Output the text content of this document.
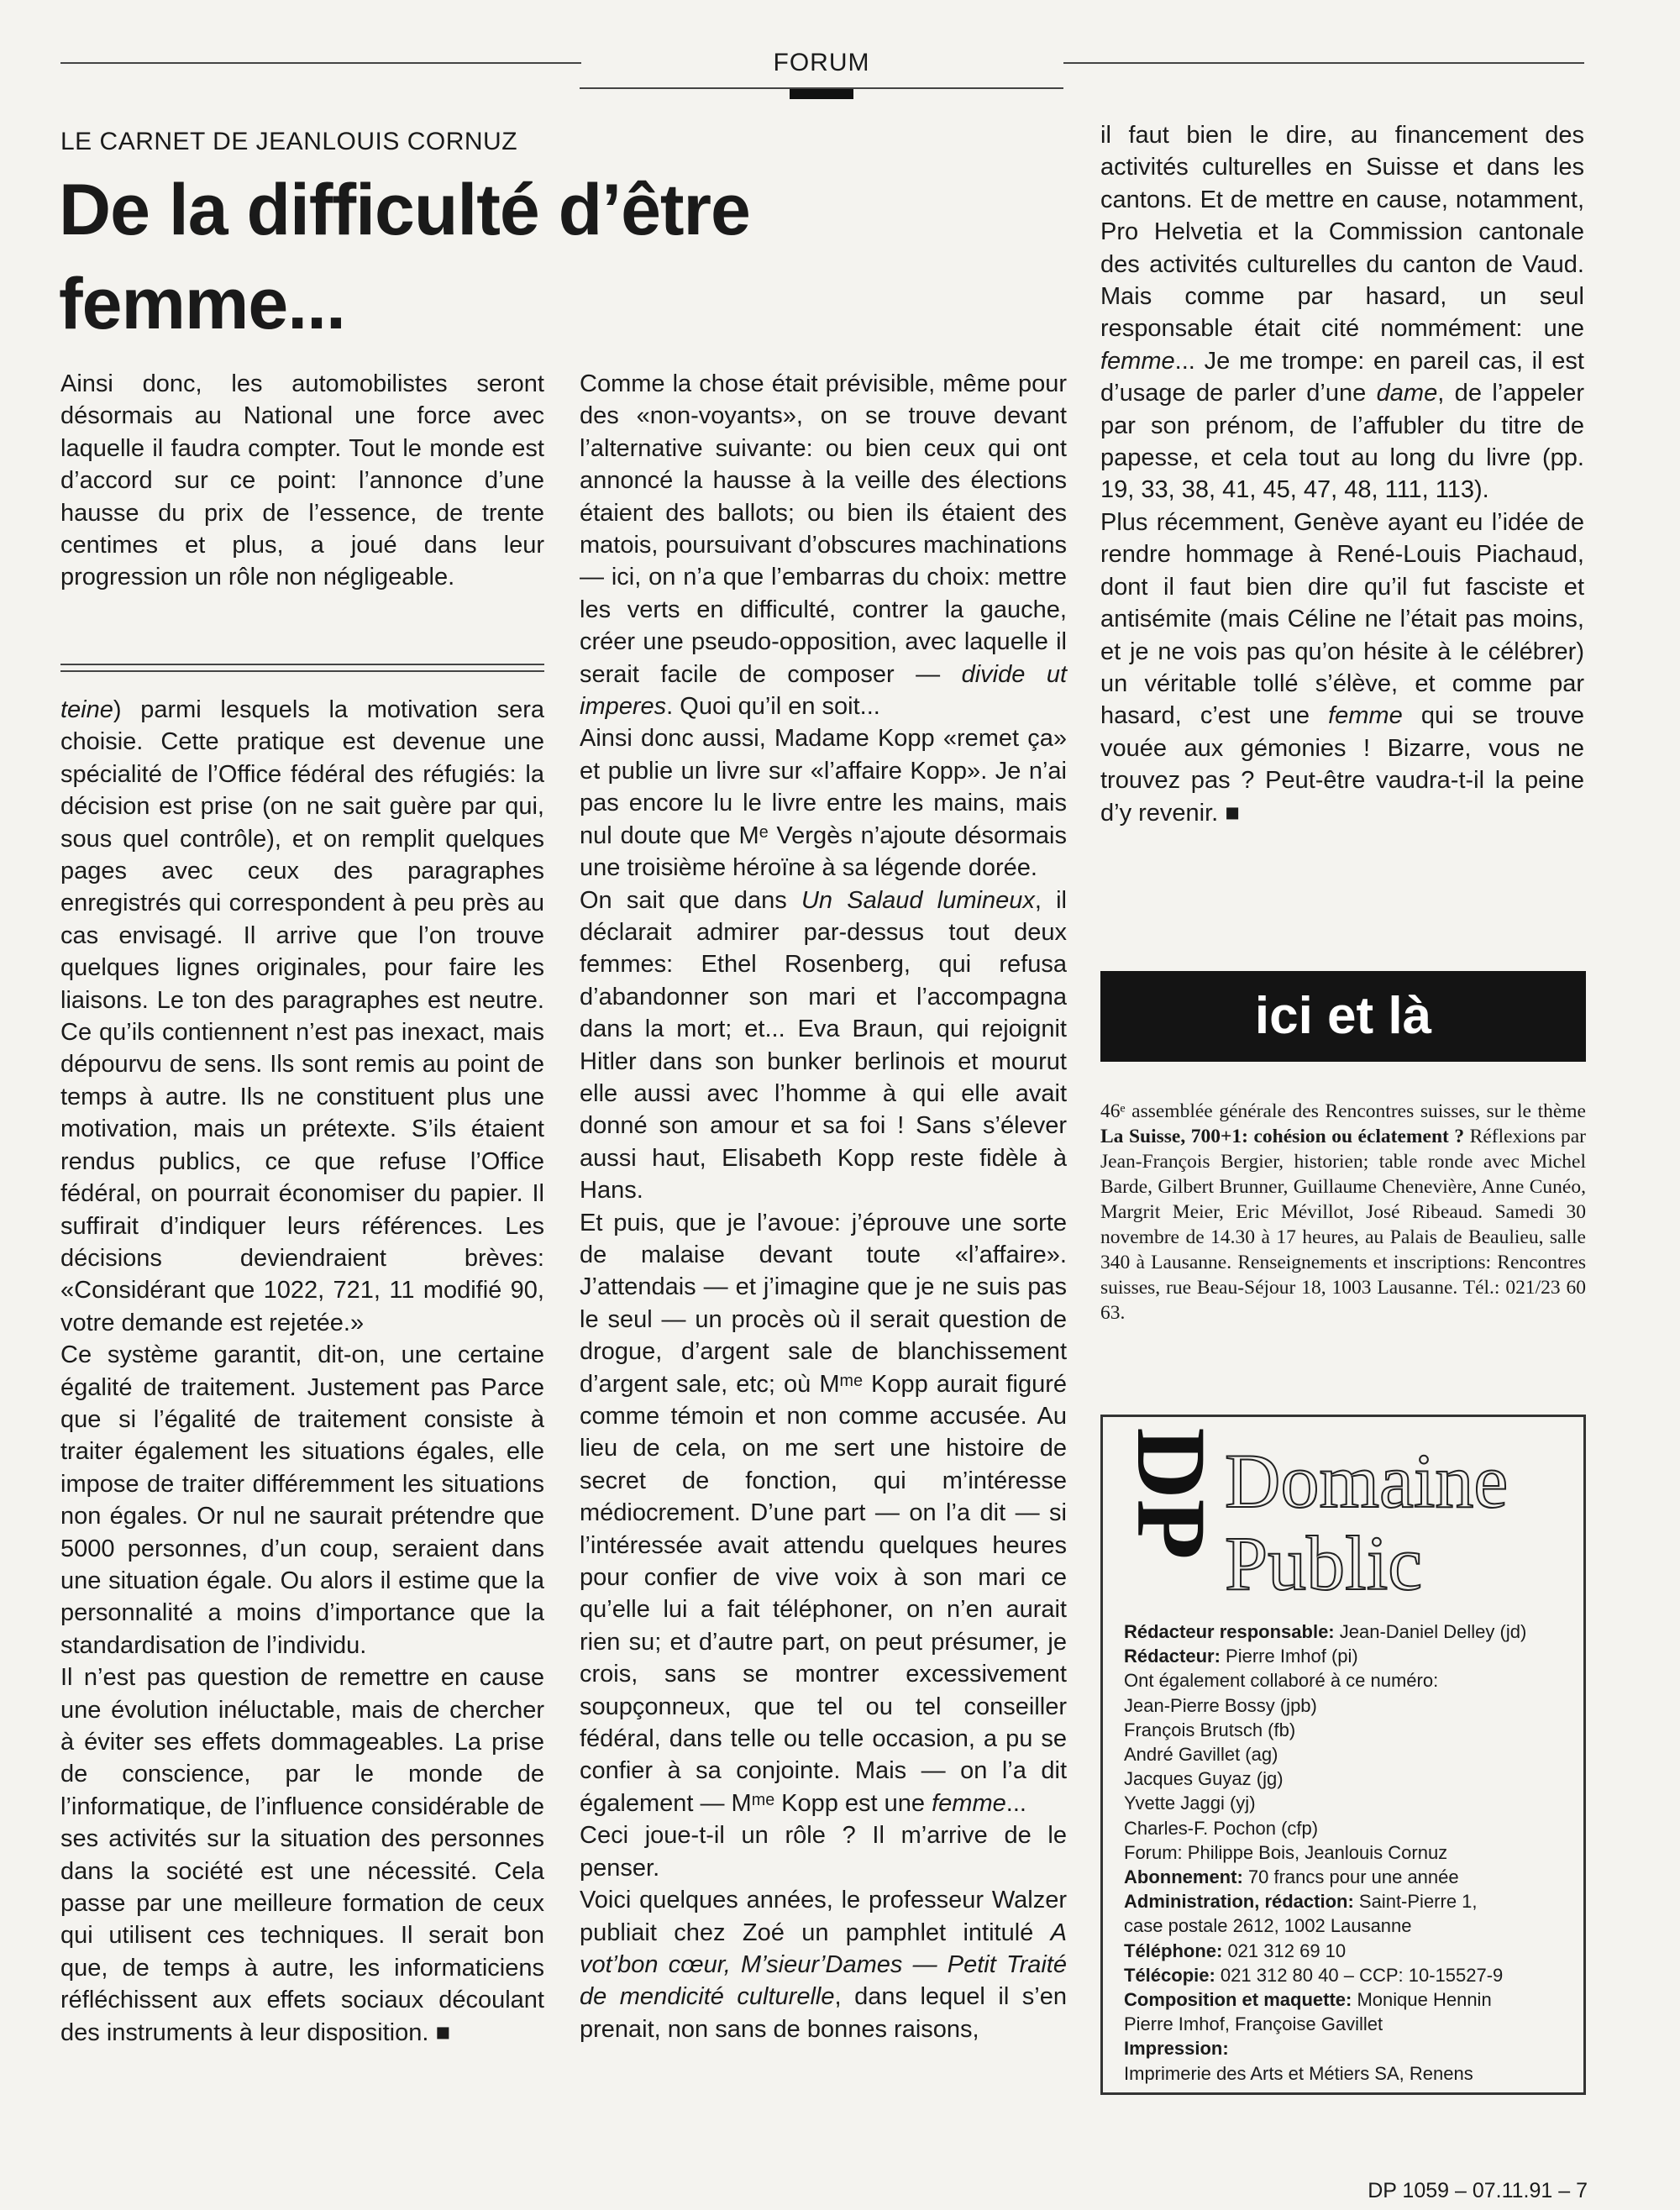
FORUM
LE CARNET DE JEANLOUIS CORNUZ
De la difficulté d’être femme...

Ainsi donc, les automobilistes seront désormais au National une force avec laquelle il faudra compter. Tout le monde est d’accord sur ce point: l’annonce d’une hausse du prix de l’essence, de trente centimes et plus, a joué dans leur progression un rôle non négligeable.

teine) parmi lesquels la motivation sera choisie. Cette pratique est devenue une spécialité de l’Office fédéral des réfugiés: la décision est prise (on ne sait guère par qui, sous quel contrôle), et on remplit quelques pages avec ceux des paragraphes enregistrés qui correspondent à peu près au cas envisagé. Il arrive que l’on trouve quelques lignes originales, pour faire les liaisons. Le ton des paragraphes est neutre. Ce qu’ils contiennent n’est pas inexact, mais dépourvu de sens. Ils sont remis au point de temps à autre. Ils ne constituent plus une motivation, mais un prétexte. S’ils étaient rendus publics, ce que refuse l’Office fédéral, on pourrait économiser du papier. Il suffirait d’indiquer leurs références. Les décisions deviendraient brèves: «Considérant que 1022, 721, 11 modifié 90, votre demande est rejetée.»

Ce système garantit, dit-on, une certaine égalité de traitement. Justement pas Parce que si l’égalité de traitement consiste à traiter également les situations égales, elle impose de traiter différemment les situations non égales. Or nul ne saurait prétendre que 5000 personnes, d’un coup, seraient dans une situation égale. Ou alors il estime que la personnalité a moins d’importance que la standardisation de l’individu.

Il n’est pas question de remettre en cause une évolution inéluctable, mais de chercher à éviter ses effets dommageables. La prise de conscience, par le monde de l’informatique, de l’influence considérable de ses activités sur la situation des personnes dans la société est une nécessité. Cela passe par une meilleure formation de ceux qui utilisent ces techniques. Il serait bon que, de temps à autre, les informaticiens réfléchissent aux effets sociaux découlant des instruments à leur disposition. ■

Comme la chose était prévisible, même pour des «non-voyants», on se trouve devant l’alternative suivante: ou bien ceux qui ont annoncé la hausse à la veille des élections étaient des ballots; ou bien ils étaient des matois, poursuivant d’obscures machinations — ici, on n’a que l’embarras du choix: mettre les verts en difficulté, contrer la gauche, créer une pseudo-opposition, avec laquelle il serait facile de composer — divide ut imperes. Quoi qu’il en soit...

Ainsi donc aussi, Madame Kopp «remet ça» et publie un livre sur «l’affaire Kopp». Je n’ai pas encore lu le livre entre les mains, mais nul doute que Mᵉ Vergès n’ajoute désormais une troisième héroïne à sa légende dorée.

On sait que dans Un Salaud lumineux, il déclarait admirer par-dessus tout deux femmes: Ethel Rosenberg, qui refusa d’abandonner son mari et l’accompagna dans la mort; et... Eva Braun, qui rejoignit Hitler dans son bunker berlinois et mourut elle aussi avec l’homme à qui elle avait donné son amour et sa foi ! Sans s’élever aussi haut, Elisabeth Kopp reste fidèle à Hans.

Et puis, que je l’avoue: j’éprouve une sorte de malaise devant toute «l’affaire». J’attendais — et j’imagine que je ne suis pas le seul — un procès où il serait question de drogue, d’argent sale de blanchissement d’argent sale, etc; où Mᵐᵉ Kopp aurait figuré comme témoin et non comme accusée. Au lieu de cela, on me sert une histoire de secret de fonction, qui m’intéresse médiocrement. D’une part — on l’a dit — si l’intéressée avait attendu quelques heures pour confier de vive voix à son mari ce qu’elle lui a fait téléphoner, on n’en aurait rien su; et d’autre part, on peut présumer, je crois, sans se montrer excessivement soupçonneux, que tel ou tel conseiller fédéral, dans telle ou telle occasion, a pu se confier à sa conjointe. Mais — on l’a dit également — Mᵐᵉ Kopp est une femme...

Ceci joue-t-il un rôle ? Il m’arrive de le penser.

Voici quelques années, le professeur Walzer publiait chez Zoé un pamphlet intitulé A vot’bon cœur, M’sieur’Dames — Petit Traité de mendicité culturelle, dans lequel il s’en prenait, non sans de bonnes raisons,

il faut bien le dire, au financement des activités culturelles en Suisse et dans les cantons. Et de mettre en cause, notamment, Pro Helvetia et la Commission cantonale des activités culturelles du canton de Vaud. Mais comme par hasard, un seul responsable était cité nommément: une femme... Je me trompe: en pareil cas, il est d’usage de parler d’une dame, de l’appeler par son prénom, de l’affubler du titre de papesse, et cela tout au long du livre (pp. 19, 33, 38, 41, 45, 47, 48, 111, 113).

Plus récemment, Genève ayant eu l’idée de rendre hommage à René-Louis Piachaud, dont il faut bien dire qu’il fut fasciste et antisémite (mais Céline ne l’était pas moins, et je ne vois pas qu’on hésite à le célébrer) un véritable tollé s’élève, et comme par hasard, c’est une femme qui se trouve vouée aux gémonies ! Bizarre, vous ne trouvez pas ? Peut-être vaudra-t-il la peine d’y revenir. ■

ici et là
46ᵉ assemblée générale des Rencontres suisses, sur le thème La Suisse, 700+1: cohésion ou éclatement ? Réflexions par Jean-François Bergier, historien; table ronde avec Michel Barde, Gilbert Brunner, Guillaume Chenevière, Anne Cunéo, Margrit Meier, Eric Mévillot, José Ribeaud. Samedi 30 novembre de 14.30 à 17 heures, au Palais de Beaulieu, salle 340 à Lausanne. Renseignements et inscriptions: Rencontres suisses, rue Beau-Séjour 18, 1003 Lausanne. Tél.: 021/23 60 63.
DP
Domaine
Public
Rédacteur responsable: Jean-Daniel Delley (jd)
Rédacteur: Pierre Imhof (pi)
Ont également collaboré à ce numéro:
Jean-Pierre Bossy (jpb)
François Brutsch (fb)
André Gavillet (ag)
Jacques Guyaz (jg)
Yvette Jaggi (yj)
Charles-F. Pochon (cfp)
Forum: Philippe Bois, Jeanlouis Cornuz
Abonnement: 70 francs pour une année
Administration, rédaction: Saint-Pierre 1,
case postale 2612, 1002 Lausanne
Téléphone: 021 312 69 10
Télécopie: 021 312 80 40 – CCP: 10-15527-9
Composition et maquette: Monique Hennin
Pierre Imhof, Françoise Gavillet
Impression:
Imprimerie des Arts et Métiers SA, Renens
DP 1059 – 07.11.91 – 7
